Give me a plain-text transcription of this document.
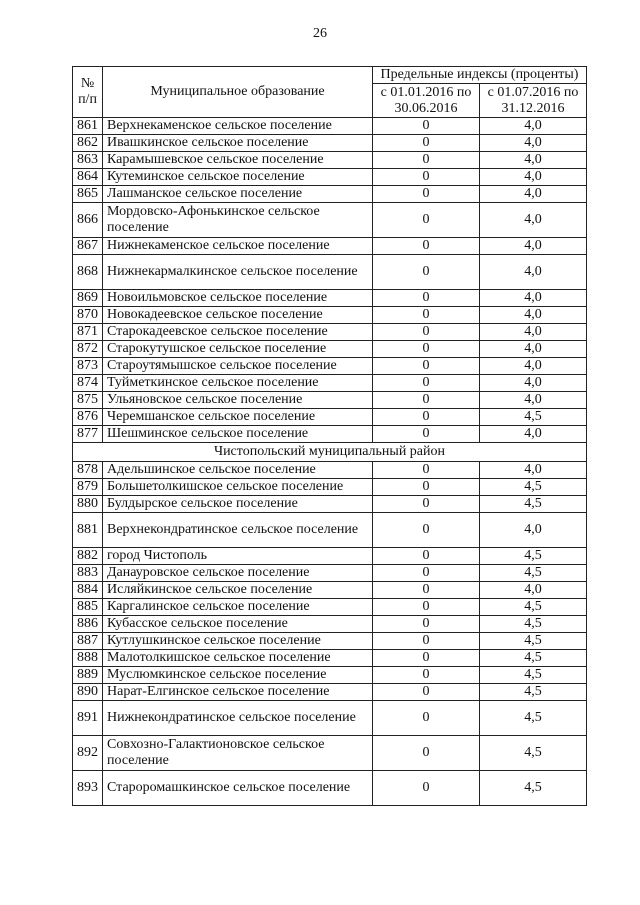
26
№ п/п	Муниципальное образование	Предельные индексы (проценты)	
		с 01.01.2016 по 30.06.2016	с 01.07.2016 по 31.12.2016
861	Верхнекаменское сельское поселение	0	4,0
862	Ивашкинское сельское поселение	0	4,0
863	Карамышевское сельское поселение	0	4,0
864	Кутеминское сельское поселение	0	4,0
865	Лашманское сельское поселение	0	4,0
866	Мордовско-Афонькинское сельское поселение	0	4,0
867	Нижнекаменское сельское поселение	0	4,0
868	Нижнекармалкинское сельское поселение	0	4,0
869	Новоильмовское сельское поселение	0	4,0
870	Новокадеевское сельское поселение	0	4,0
871	Старокадеевское сельское поселение	0	4,0
872	Старокутушское сельское поселение	0	4,0
873	Староутямышское сельское поселение	0	4,0
874	Туйметкинское сельское поселение	0	4,0
875	Ульяновское сельское поселение	0	4,0
876	Черемшанское сельское поселение	0	4,5
877	Шешминское сельское поселение	0	4,0
Чистопольский муниципальный район			
878	Адельшинское сельское поселение	0	4,0
879	Большетолкишское сельское поселение	0	4,5
880	Булдырское сельское поселение	0	4,5
881	Верхнекондратинское сельское поселение	0	4,0
882	город Чистополь	0	4,5
883	Данауровское сельское поселение	0	4,5
884	Исляйкинское сельское поселение	0	4,0
885	Каргалинское сельское поселение	0	4,5
886	Кубасское сельское поселение	0	4,5
887	Кутлушкинское сельское поселение	0	4,5
888	Малотолкишское сельское поселение	0	4,5
889	Муслюмкинское сельское поселение	0	4,5
890	Нарат-Елгинское сельское поселение	0	4,5
891	Нижнекондратинское сельское поселение	0	4,5
892	Совхозно-Галактионовское сельское поселение	0	4,5
893	Староромашкинское сельское поселение	0	4,5
